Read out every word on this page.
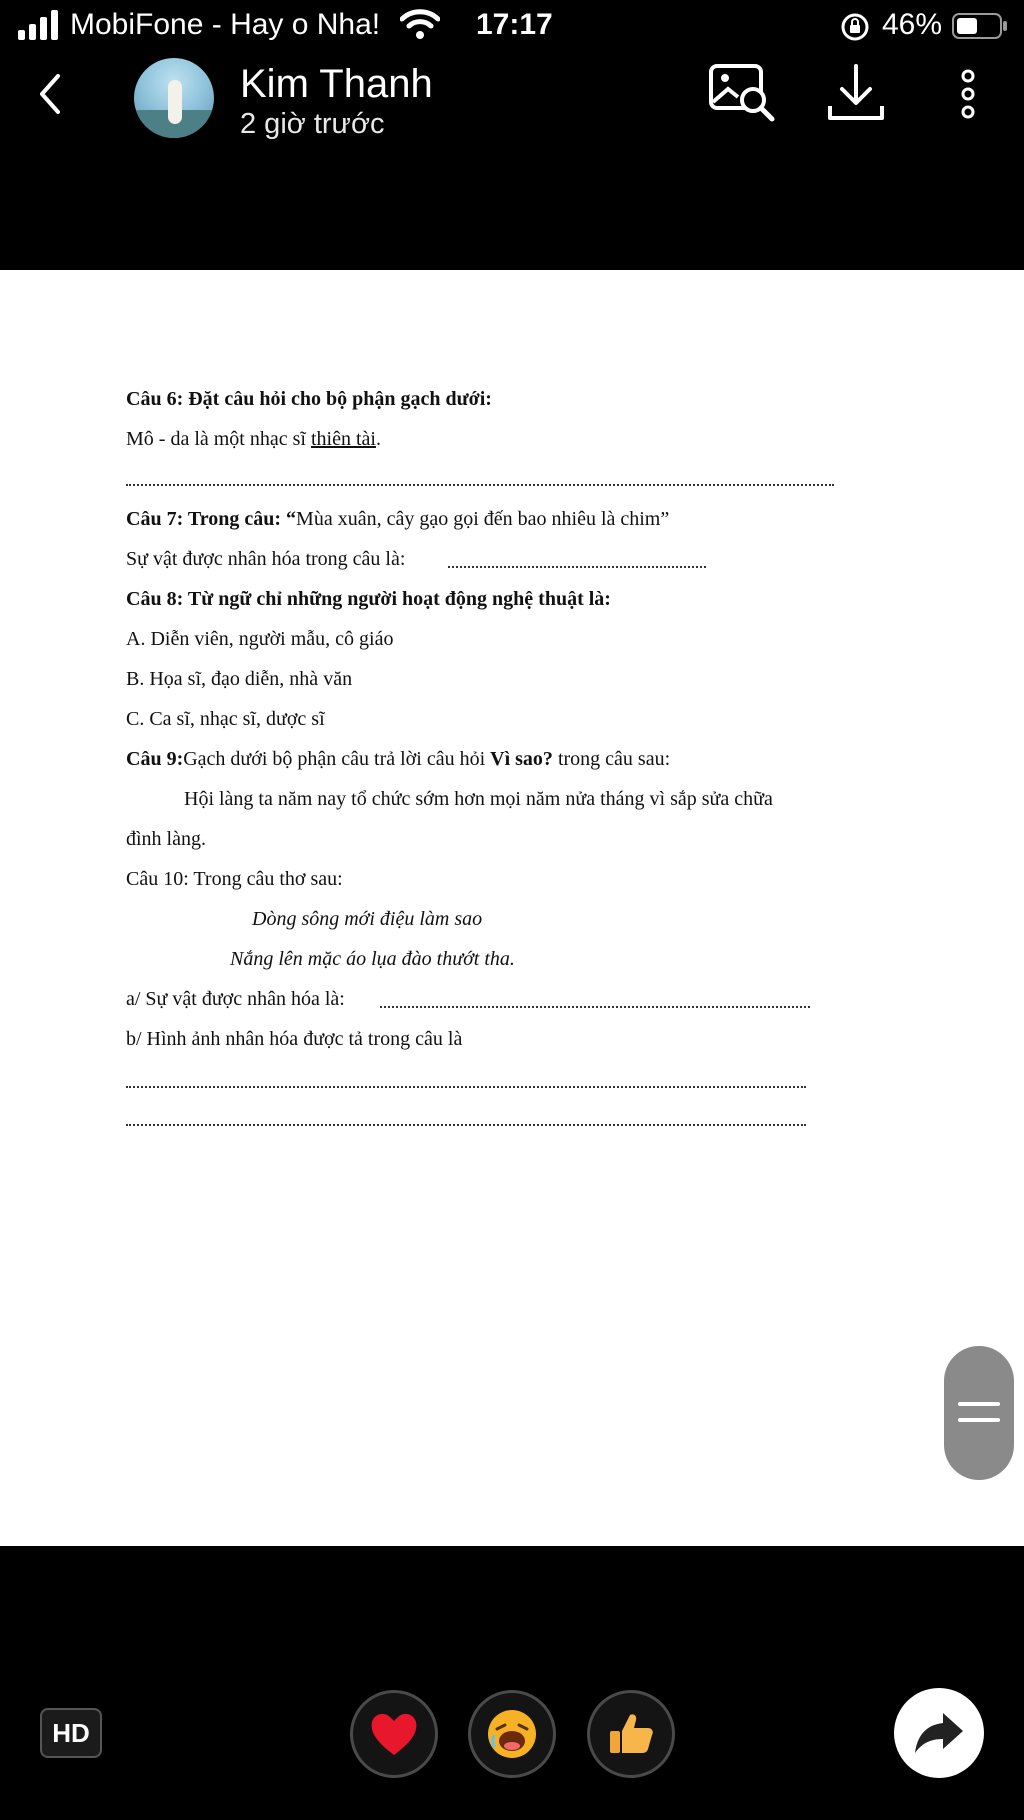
MobiFone - Hay o Nha!	17:17	46%
Kim Thanh
2 giờ trước
Câu 6: Đặt câu hỏi cho bộ phận gạch dưới:
Mô - da là một nhạc sĩ thiên tài.
Câu 7: Trong câu: “Mùa xuân, cây gạo gọi đến bao nhiêu là chim”
Sự vật được nhân hóa trong câu là:
Câu 8: Từ ngữ chỉ những người hoạt động nghệ thuật là:
A. Diễn viên, người mẫu, cô giáo
B. Họa sĩ, đạo diễn, nhà văn
C. Ca sĩ, nhạc sĩ, dược sĩ
Câu 9:Gạch dưới bộ phận câu trả lời câu hỏi Vì sao? trong câu sau:
Hội làng ta năm nay tổ chức sớm hơn mọi năm nửa tháng vì sắp sửa chữa
đình làng.
Câu 10: Trong câu thơ sau:
Dòng sông mới điệu làm sao
Nắng lên mặc áo lụa đào thướt tha.
a/ Sự vật được nhân hóa là:
b/ Hình ảnh nhân hóa được tả trong câu là
HD
